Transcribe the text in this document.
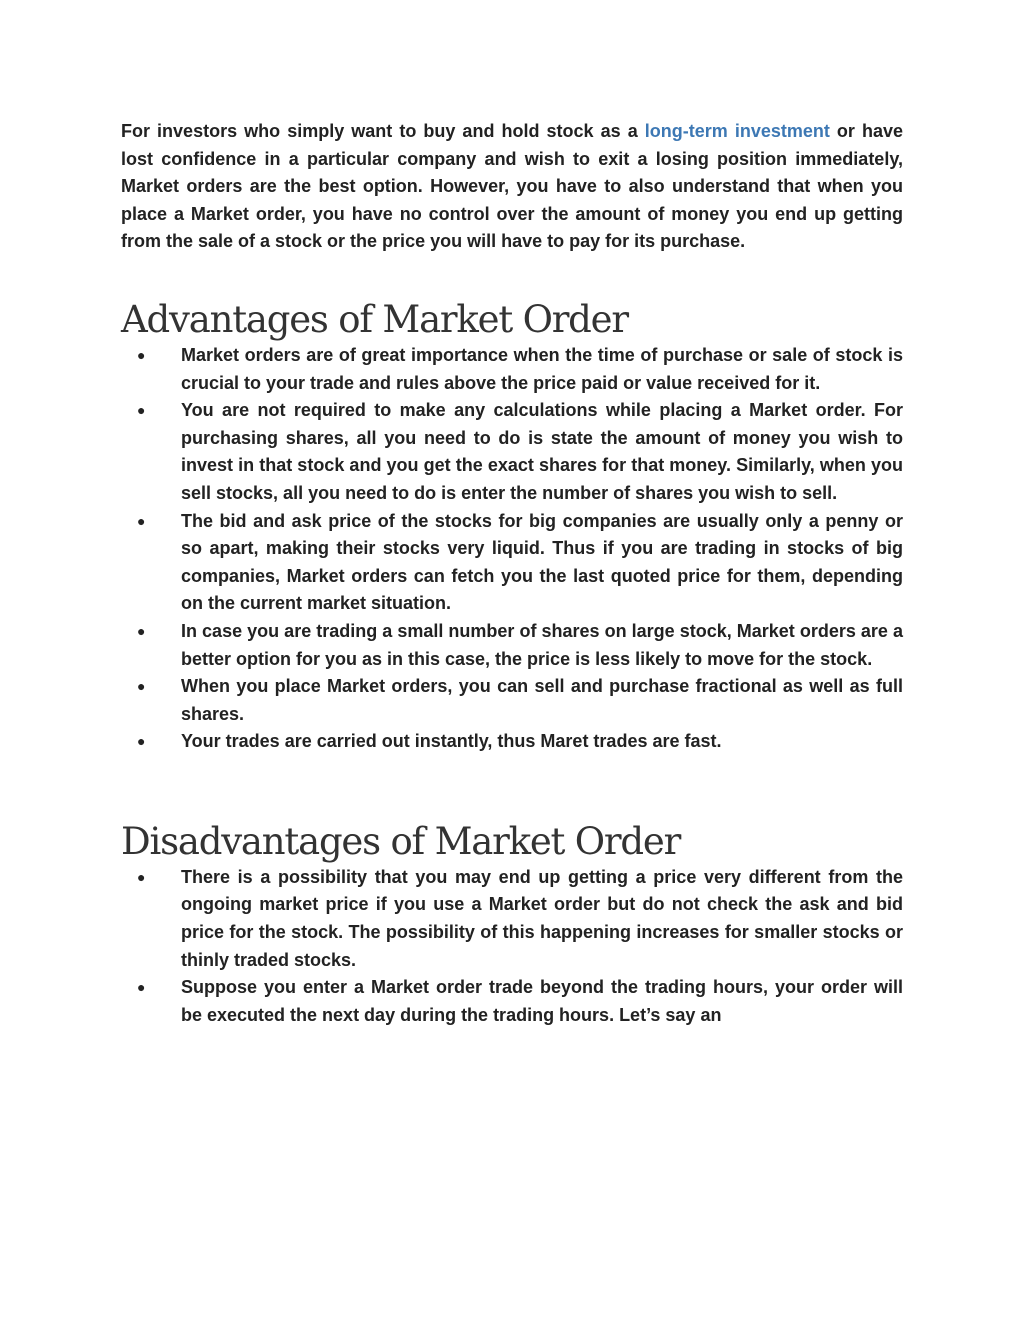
For investors who simply want to buy and hold stock as a long-term investment or have lost confidence in a particular company and wish to exit a losing position immediately, Market orders are the best option. However, you have to also understand that when you place a Market order, you have no control over the amount of money you end up getting from the sale of a stock or the price you will have to pay for its purchase.

Advantages of Market Order
● Market orders are of great importance when the time of purchase or sale of stock is crucial to your trade and rules above the price paid or value received for it.
● You are not required to make any calculations while placing a Market order. For purchasing shares, all you need to do is state the amount of money you wish to invest in that stock and you get the exact shares for that money. Similarly, when you sell stocks, all you need to do is enter the number of shares you wish to sell.
● The bid and ask price of the stocks for big companies are usually only a penny or so apart, making their stocks very liquid. Thus if you are trading in stocks of big companies, Market orders can fetch you the last quoted price for them, depending on the current market situation.
● In case you are trading a small number of shares on large stock, Market orders are a better option for you as in this case, the price is less likely to move for the stock.
● When you place Market orders, you can sell and purchase fractional as well as full shares.
● Your trades are carried out instantly, thus Maret trades are fast.
Disadvantages of Market Order
● There is a possibility that you may end up getting a price very different from the ongoing market price if you use a Market order but do not check the ask and bid price for the stock. The possibility of this happening increases for smaller stocks or thinly traded stocks.
● Suppose you enter a Market order trade beyond the trading hours, your order will be executed the next day during the trading hours. Let’s say an
